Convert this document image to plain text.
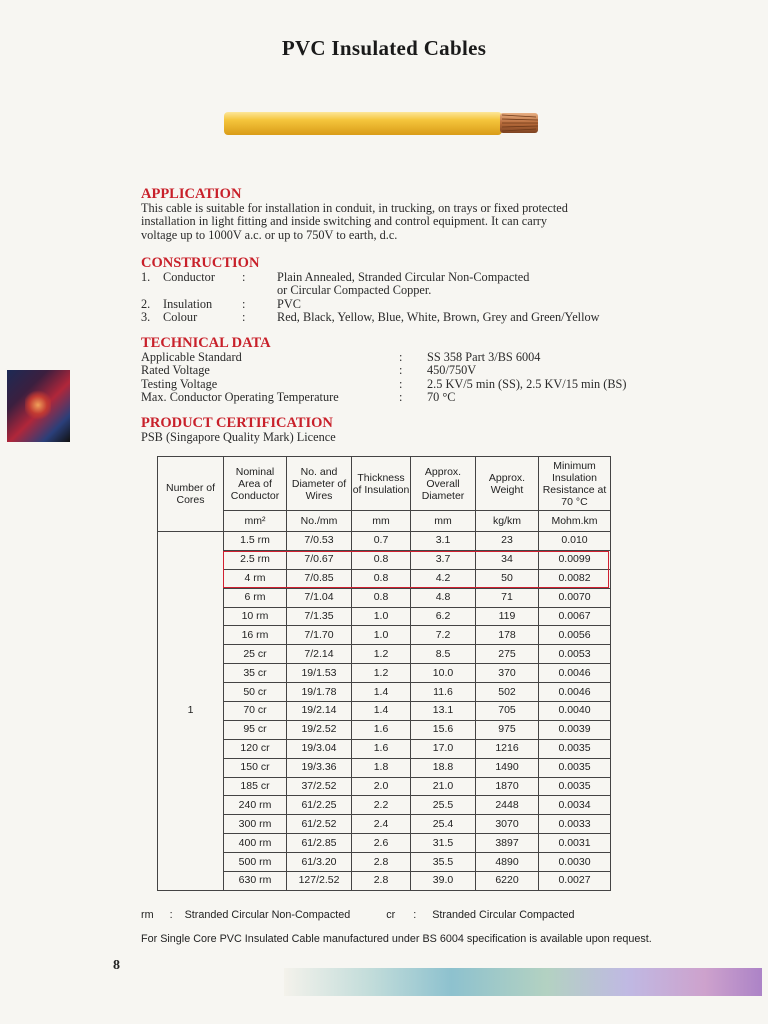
PVC Insulated Cables
APPLICATION
This cable is suitable for installation in conduit, in trucking, on trays or fixed protected
installation in light fitting and inside switching and control equipment. It can carry
voltage up to 1000V a.c. or up to 750V to earth, d.c.
CONSTRUCTION
1. Conductor :	Plain Annealed, Stranded Circular Non-Compacted
or Circular Compacted Copper.
2. Insulation :	PVC
3. Colour	:	Red, Black, Yellow, Blue, White, Brown, Grey and Green/Yellow
TECHNICAL DATA
Applicable Standard	: SS 358 Part 3/BS 6004
Rated Voltage	: 450/750V
Testing Voltage	: 2.5 KV/5 min (SS), 2.5 KV/15 min (BS)
Max. Conductor Operating Temperature	: 70 °C
PRODUCT CERTIFICATION
PSB (Singapore Quality Mark) Licence
Number of Cores	Nominal Area of Conductor	No. and Diameter of Wires	Thickness of Insulation	Approx. Overall Diameter	Approx. Weight	Minimum Insulation Resistance at 70 °C
	mm²	No./mm	mm	mm	kg/km	Mohm.km
1	1.5 rm	7/0.53	0.7	3.1	23	0.010
	2.5 rm	7/0.67	0.8	3.7	34	0.0099
	4 rm	7/0.85	0.8	4.2	50	0.0082
	6 rm	7/1.04	0.8	4.8	71	0.0070
	10 rm	7/1.35	1.0	6.2	119	0.0067
	16 rm	7/1.70	1.0	7.2	178	0.0056
	25 cr	7/2.14	1.2	8.5	275	0.0053
	35 cr	19/1.53	1.2	10.0	370	0.0046
	50 cr	19/1.78	1.4	11.6	502	0.0046
	70 cr	19/2.14	1.4	13.1	705	0.0040
	95 cr	19/2.52	1.6	15.6	975	0.0039
	120 cr	19/3.04	1.6	17.0	1216	0.0035
	150 cr	19/3.36	1.8	18.8	1490	0.0035
	185 cr	37/2.52	2.0	21.0	1870	0.0035
	240 rm	61/2.25	2.2	25.5	2448	0.0034
	300 rm	61/2.52	2.4	25.4	3070	0.0033
	400 rm	61/2.85	2.6	31.5	3897	0.0031
	500 rm	61/3.20	2.8	35.5	4890	0.0030
	630 rm	127/2.52	2.8	39.0	6220	0.0027
rm : Stranded Circular Non-Compacted	cr : Stranded Circular Compacted
For Single Core PVC Insulated Cable manufactured under BS 6004 specification is available upon request.
8
